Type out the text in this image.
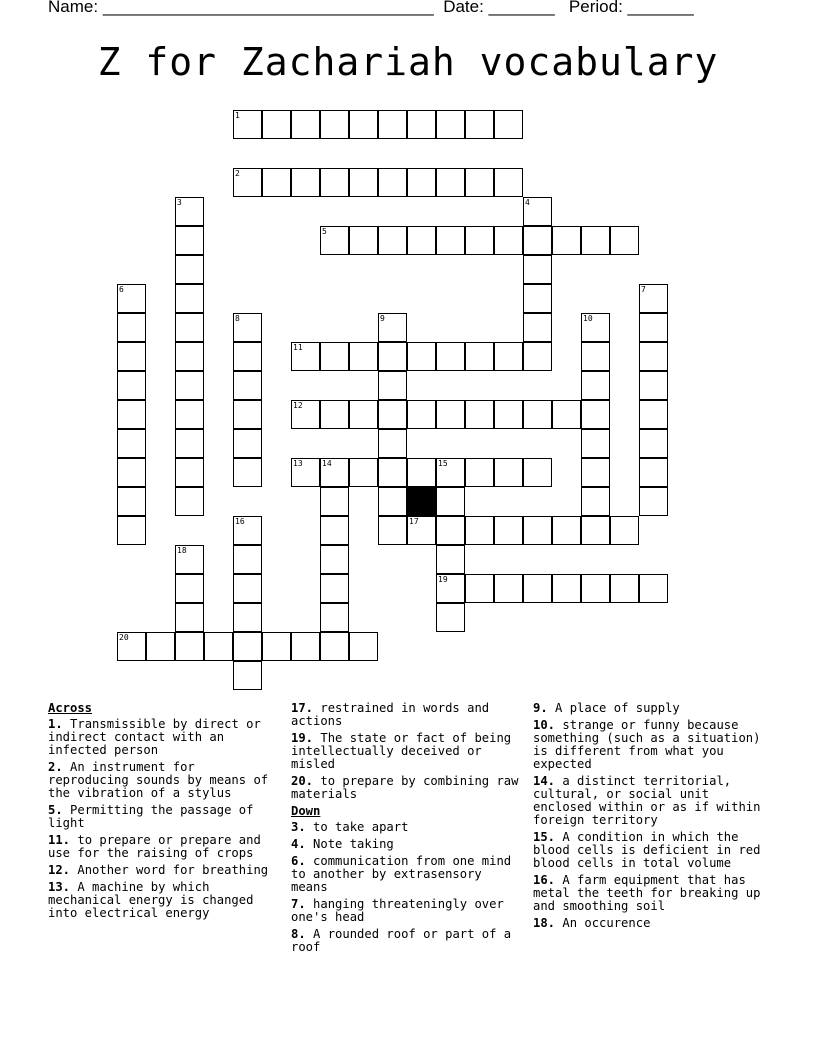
Name: ___________________________________ Date: _______ Period: _______
Z for Zachariah vocabulary
1
2
3	4
5
6	7
8	9	10
11
12
13 14	15
16	17
18
19
20
Across
1. Transmissible by direct or indirect contact with an infected person
2. An instrument for reproducing sounds by means of the vibration of a stylus
5. Permitting the passage of light
11. to prepare or prepare and use for the raising of crops
12. Another word for breathing
13. A machine by which mechanical energy is changed into electrical energy
17. restrained in words and actions
19. The state or fact of being intellectually deceived or misled
20. to prepare by combining raw materials
Down
3. to take apart
4. Note taking
6. communication from one mind to another by extrasensory means
7. hanging threateningly over one's head
8. A rounded roof or part of a roof
9. A place of supply
10. strange or funny because something (such as a situation) is different from what you expected
14. a distinct territorial, cultural, or social unit enclosed within or as if within foreign territory
15. A condition in which the blood cells is deficient in red blood cells in total volume
16. A farm equipment that has metal the teeth for breaking up and smoothing soil
18. An occurence
